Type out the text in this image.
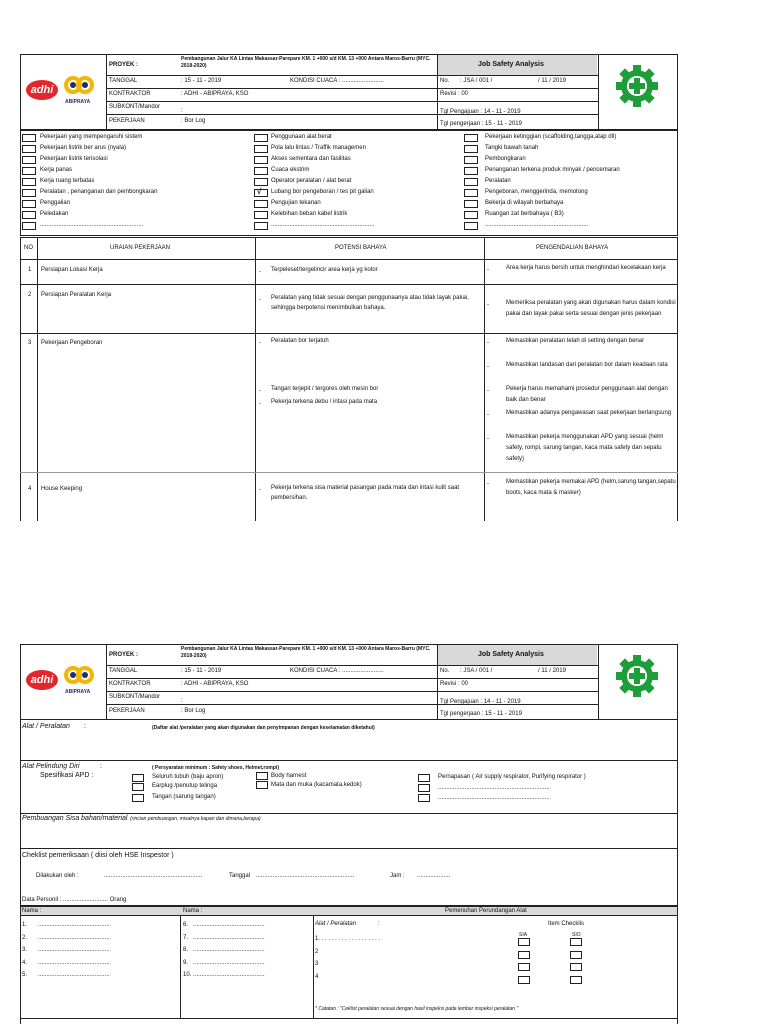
adhi
ABIPRAYA
PROYEK :
Pembangunan Jalur KA Lintas Makassar-Parepare KM. 1 +000 s/d KM. 13 +000 Antara Maros-Barru (MYC. 2018-2020)	Job Safety Analysis
TANGGAL	: 15 - 11 - 2019	KONDISI CUACA : .........................	No. : JSA / 001 /	/ 11 / 2019
KONTRAKTOR	: ADHI - ABIPRAYA, KSO	Revisi : 00
SUBKONT/Mandor
:
PEKERJAAN	: Bor Log
Tgl Pengajuan : 14 - 11 - 2019
Tgl pengerjaan : 15 - 11 - 2019
Pekerjaan yang mempengaruhi sistem
Pekerjaan listrik ber arus (nyala)
Pekerjaan listrik terisolasi
Kerja panas
Kerja ruang terbatas
Peralatan , penanganan dan pembongkaran
Penggalian
Peledakan
..............................................................
Penggunaan alat berat
Pola lalu lintas / Traffik managemen
Akses sementara dan fasilitas
Cuaca ekstrim
Operator peralatan / alat berat
Lubang bor pengeboran / tes pit galian
Pengujian tekanan
Kelebihan beban kabel listrik
..............................................................
Pekerjaan ketinggian (scaffolding,tangga,atap dll)
Tangki bawah tanah
Pembongkaran
Penanganan terkena produk minyak / pencemaran
Peralatan
Pengeboran, menggerinda, memotong
Bekerja di wilayah berbahaya
Ruangan zat berbahaya ( B3)
..............................................................
√
NO	URAIAN PEKERJAAN	POTENSI BAHAYA	PENGENDALIAN BAHAYA
1 Persiapan Lokasi Kerja	- Terpeleset/tergelincir area kerja yg kotor	-	Area kerja harus bersih untuk menghindari kecelakaan kerja
2 Persiapan Peralatan Kerja
- Peralatan yang tidak sesuai dengan penggunaanya atau tidak layak pakai, sehingga berpotensi menimbulkan bahaya.	-	Memeriksa peralatan yang akan digunakan harus dalam kondisi pakai dan layak pakai serta sesuai dengan jenis pekerjaan
3 Pekerjaan Pengeboran	- Peralatan bor terjatuh
- Tangan terjepit / tergores oleh mesin bor
- Pekerja terkena debu / iritasi pada mata
-	Memastikan peralatan telah di setting dengan benar
-	Memastikan landasan dari peralatan bor dalam keadaan rata
-	Pekerja harus memahami prosedur penggunaan alat dengan baik dan benar
-	Memastikan adanya pengawasan saat pekerjaan berlangsung
-	Memastikan pekerja menggunakan APD yang sesuai (helm safety, rompi, sarung tangan, kaca mata safety dan sepatu safety)
4 House Keeping	- Pekerja terkena sisa material pasangan pada mata dan iritasi kulit saat pembersihan.
-	Memastikan pekerja memakai APD (helm,sarung tangan,sepatu boots, kaca mata & masker)
adhi
ABIPRAYA
PROYEK :
Pembangunan Jalur KA Lintas Makassar-Parepare KM. 1 +000 s/d KM. 13 +000 Antara Maros-Barru (MYC. 2018-2020)	Job Safety Analysis
TANGGAL	: 15 - 11 - 2019	KONDISI CUACA : .........................	No. : JSA / 001 /	/ 11 / 2019
KONTRAKTOR	: ADHI - ABIPRAYA, KSO	Revisi : 00
SUBKONT/Mandor
:
PEKERJAAN	: Bor Log
Tgl Pengajuan : 14 - 11 - 2019
Tgl pengerjaan : 15 - 11 - 2019
Alat / Peralatan :	(Daftar alat /peralatan yang akan digunakan dan penyimpanan dengan keselamatan diketahui)
Alat Pelindung Diri	:	( Persyaratan minimum : Safety shoes, Helmet,rompi)
Spesifikasi APD :	Seluruh tubuh (baju apron)
Earplug /penutup telinga
Tangan (sarung tangan)
Body harnest
Mata dan muka (kacamata,kedok)
Pernapasan ( Air supply respirator, Purifying respirator )
...................................................................
...................................................................
Pembuangan Sisa bahan/material (rincian pembuangan, misalnya kapan dan dimana,berapa)
Cheklist pemeriksaan ( diisi oleh HSE Inspestor )
Dilakukan oleh :	...........................................................	Tanggal ...........................................................	Jam : ....................
Data Personil : ........................... Orang
Nama :	Nama :	Pemenuhan Perundangan Alat
1. ...........................................
2. ...........................................
3. ...........................................
4. ...........................................
5. ...........................................
6. ...........................................
7. ...........................................
8. ...........................................
9. ...........................................
10. ...........................................
Alat / Peralatan	:	Item Checklis
SIA	SIO
1. . . . . . . . . . . . . . . . . . .
2
3
4
* Catatan : "Ceklist peralatan sesuai dengan hasil inspeksi pada lembar inspeksi peralatan "
